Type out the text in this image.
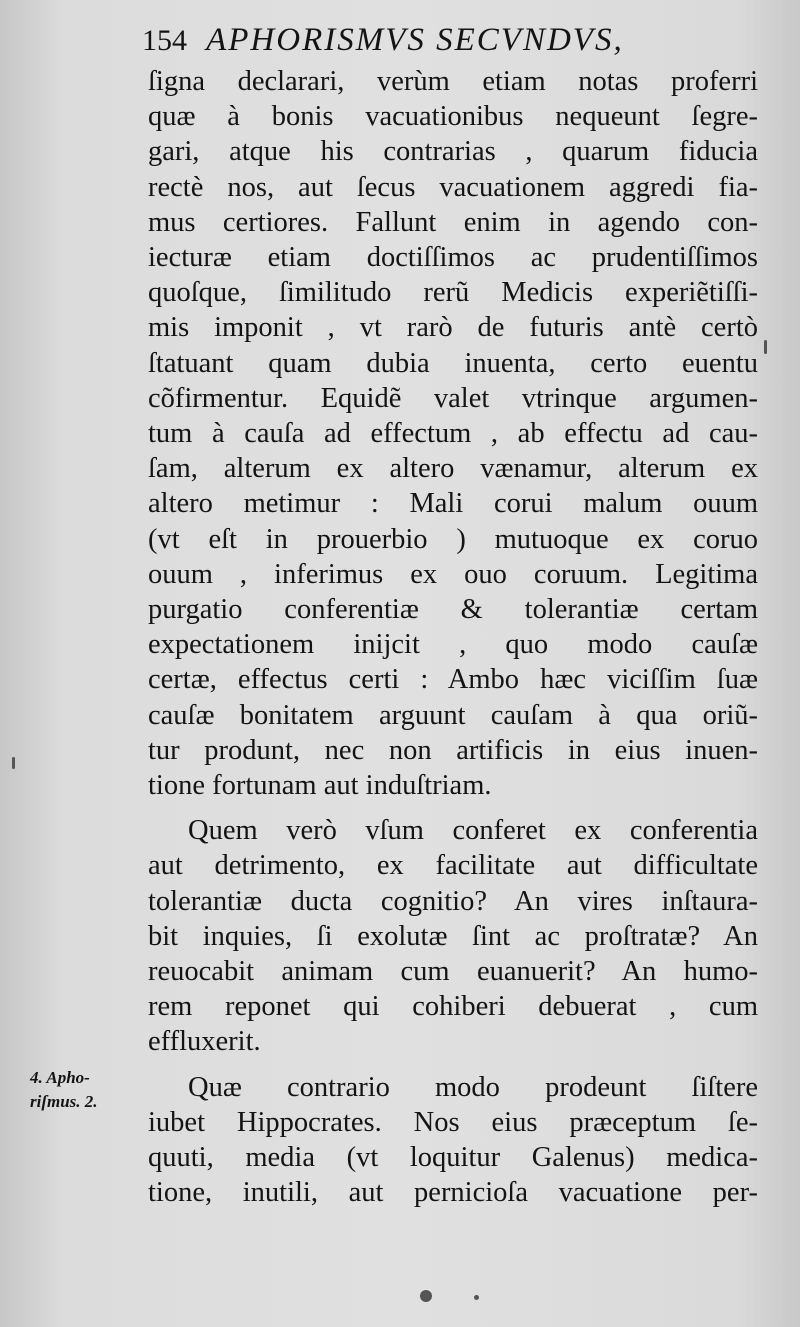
154 APHORISMVS SECVNDVS,
ſigna declarari, verùm etiam notas proferri
quæ à bonis vacuationibus nequeunt ſegre-
gari, atque his contrarias , quarum fiducia
rectè nos, aut ſecus vacuationem aggredi fia-
mus certiores. Fallunt enim in agendo con-
iecturæ etiam doctiſſimos ac prudentiſſimos
quoſque, ſimilitudo rerũ Medicis experiẽtiſſi-
mis imponit , vt rarò de futuris antè certò
ſtatuant quam dubia inuenta, certo euentu
cõfirmentur. Equidẽ valet vtrinque argumen-
tum à cauſa ad effectum , ab effectu ad cau-
ſam, alterum ex altero vænamur, alterum ex
altero metimur : Mali corui malum ouum
(vt eſt in prouerbio ) mutuoque ex coruo
ouum , inferimus ex ouo coruum. Legitima
purgatio conferentiæ & tolerantiæ certam
expectationem inijcit , quo modo cauſæ
certæ, effectus certi : Ambo hæc viciſſim ſuæ
cauſæ bonitatem arguunt cauſam à qua oriũ-
tur produnt, nec non artificis in eius inuen-
tione fortunam aut induſtriam.
Quem verò vſum conferet ex conferentia
aut detrimento, ex facilitate aut difficultate
tolerantiæ ducta cognitio? An vires inſtaura-
bit inquies, ſi exolutæ ſint ac proſtratæ? An
reuocabit animam cum euanuerit? An humo-
rem reponet qui cohiberi debuerat , cum
effluxerit.
Quæ contrario modo prodeunt ſiſtere
iubet Hippocrates. Nos eius præceptum ſe-
quuti, media (vt loquitur Galenus) medica-
tione, inutili, aut pernicioſa vacuatione per-
4. Apho-
riſmus. 2.
